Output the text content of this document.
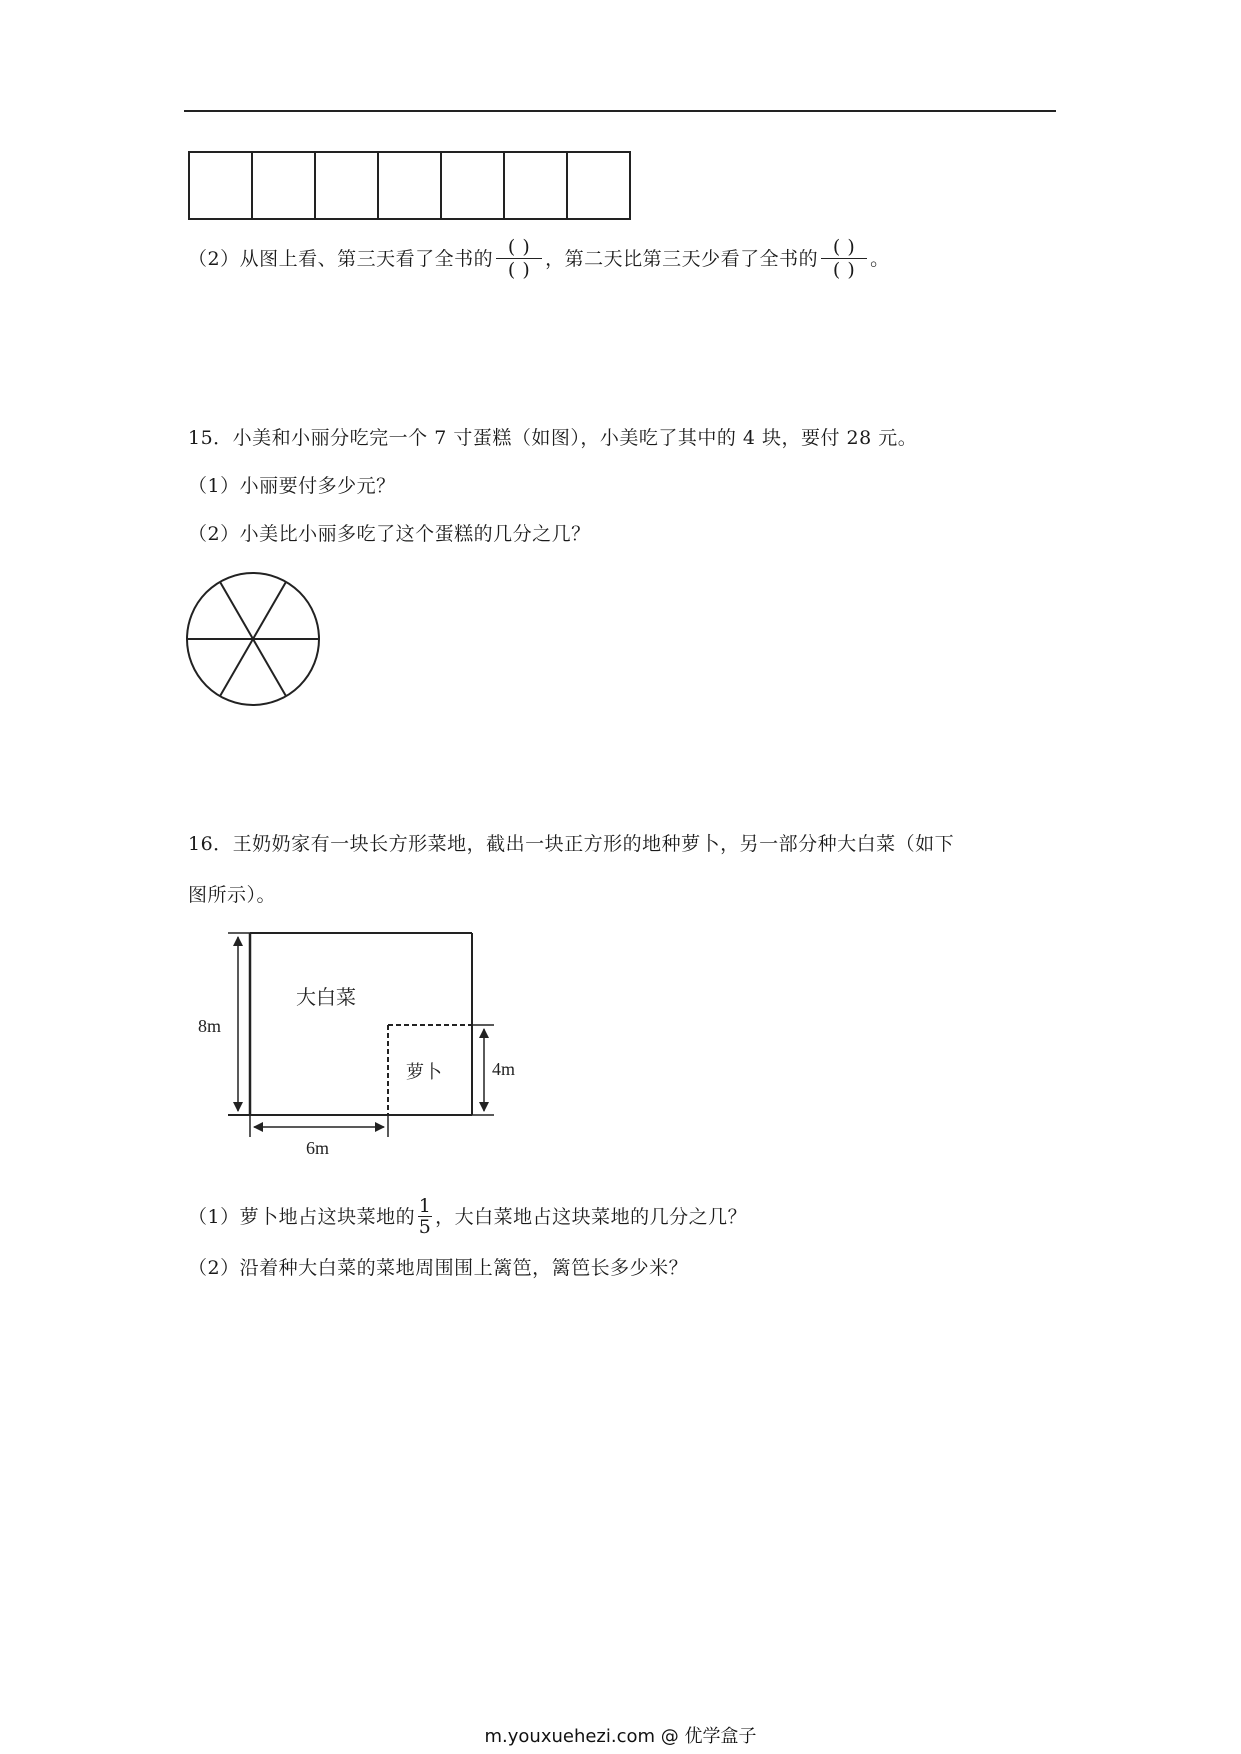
（2）从图上看、第三天看了全书的 $\frac{( )}{( )}$ ，第二天比第三天少看了全书的 $\frac{( )}{( )}$ 。
15．小美和小丽分吃完一个 7 寸蛋糕（如图），小美吃了其中的 4 块，要付 28 元。
（1）小丽要付多少元？
（2）小美比小丽多吃了这个蛋糕的几分之几？
16．王奶奶家有一块长方形菜地，截出一块正方形的地种萝卜，另一部分种大白菜（如下
图所示）。
大白菜
萝卜
8m
4m
6m
（1）萝卜地占这块菜地的 $\frac{1}{5}$ ，大白菜地占这块菜地的几分之几？
（2）沿着种大白菜的菜地周围围上篱笆，篱笆长多少米？
m.youxuehezi.com @ 优学盒子
